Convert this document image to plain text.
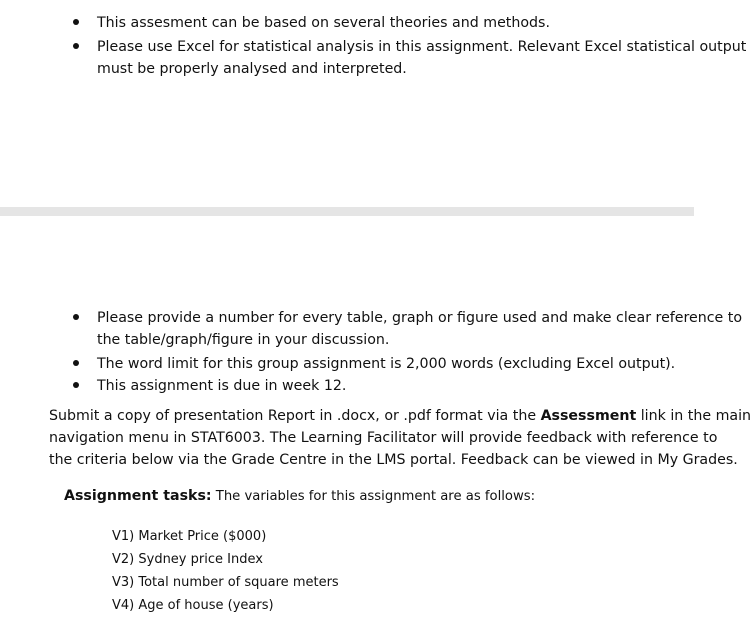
This assesment can be based on several theories and methods.
Please use Excel for statistical analysis in this assignment. Relevant Excel statistical output
must be properly analysed and interpreted.
Please provide a number for every table, graph or figure used and make clear reference to
the table/graph/figure in your discussion.
The word limit for this group assignment is 2,000 words (excluding Excel output).
This assignment is due in week 12.
Submit a copy of presentation Report in .docx, or .pdf format via the Assessment link in the main
navigation menu in STAT6003. The Learning Facilitator will provide feedback with reference to
the criteria below via the Grade Centre in the LMS portal. Feedback can be viewed in My Grades.
Assignment tasks: The variables for this assignment are as follows:
V1) Market Price ($000)
V2) Sydney price Index
V3) Total number of square meters
V4) Age of house (years)
